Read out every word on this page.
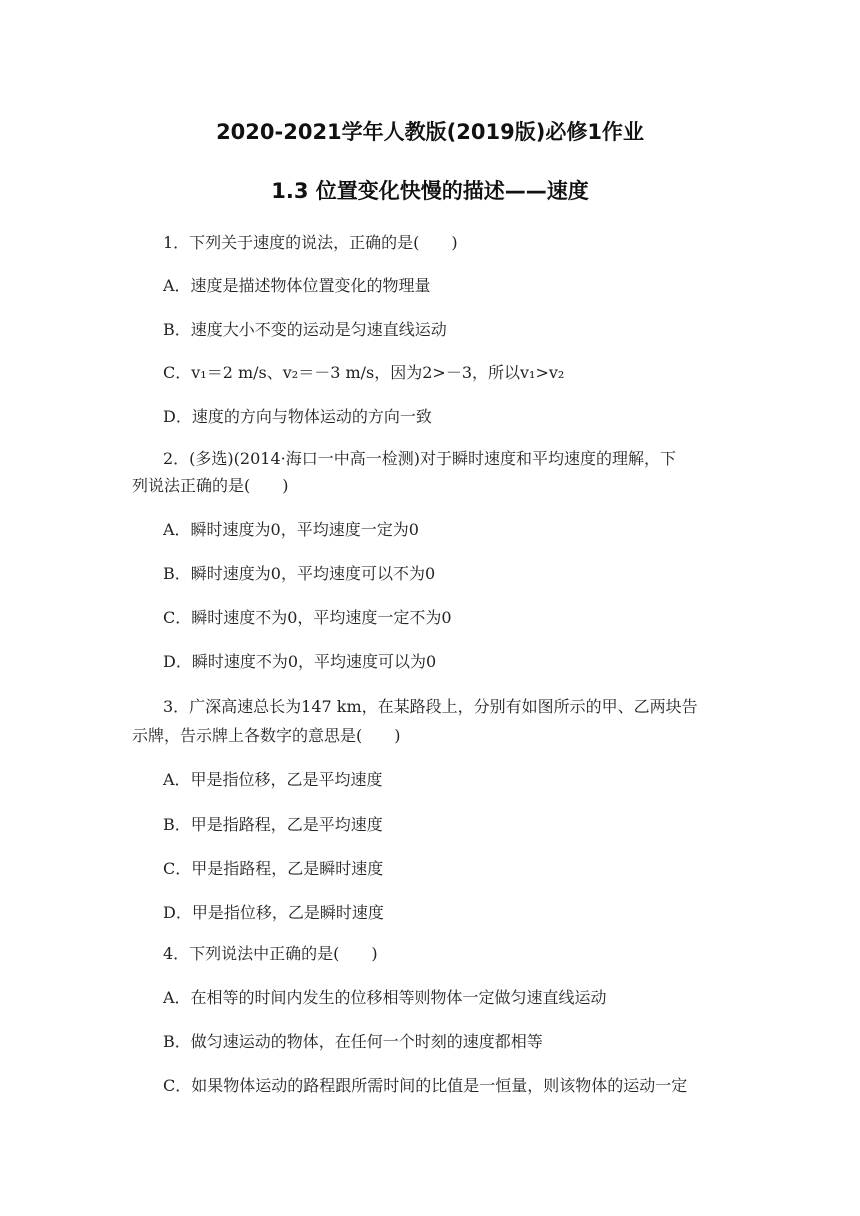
2020-2021学年人教版(2019版)必修1作业
1.3 位置变化快慢的描述——速度
1．下列关于速度的说法，正确的是(　　)
A．速度是描述物体位置变化的物理量
B．速度大小不变的运动是匀速直线运动
C．v₁＝2 m/s、v₂＝－3 m/s，因为2>－3，所以v₁>v₂
D．速度的方向与物体运动的方向一致
2．(多选)(2014·海口一中高一检测)对于瞬时速度和平均速度的理解，下
列说法正确的是(　　)
A．瞬时速度为0，平均速度一定为0
B．瞬时速度为0，平均速度可以不为0
C．瞬时速度不为0，平均速度一定不为0
D．瞬时速度不为0，平均速度可以为0
3．广深高速总长为147 km，在某路段上，分别有如图所示的甲、乙两块告
示牌，告示牌上各数字的意思是(　　)
A．甲是指位移，乙是平均速度
B．甲是指路程，乙是平均速度
C．甲是指路程，乙是瞬时速度
D．甲是指位移，乙是瞬时速度
4．下列说法中正确的是(　　)
A．在相等的时间内发生的位移相等则物体一定做匀速直线运动
B．做匀速运动的物体，在任何一个时刻的速度都相等
C．如果物体运动的路程跟所需时间的比值是一恒量，则该物体的运动一定
